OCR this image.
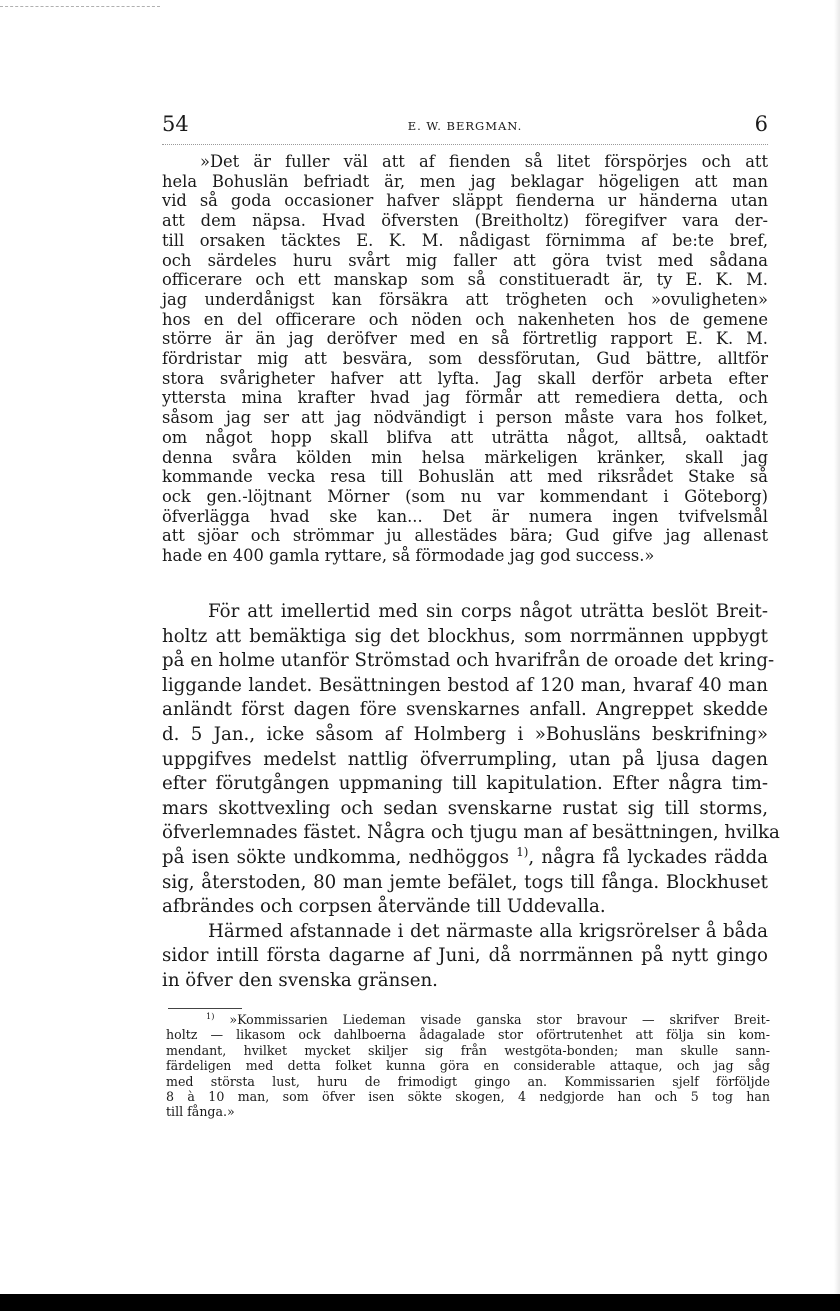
54	E. W. BERGMAN.	6
»Det är fuller väl att af fienden så litet förspörjes och att
hela Bohuslän befriadt är, men jag beklagar högeligen att man
vid så goda occasioner hafver släppt fienderna ur händerna utan
att dem näpsa. Hvad öfversten (Breitholtz) föregifver vara der-
till orsaken täcktes E. K. M. nådigast förnimma af be:te bref,
och särdeles huru svårt mig faller att göra tvist med sådana
officerare och ett manskap som så constitueradt är, ty E. K. M.
jag underdånigst kan försäkra att trögheten och »ovuligheten»
hos en del officerare och nöden och nakenheten hos de gemene
större är än jag deröfver med en så förtretlig rapport E. K. M.
fördristar mig att besvära, som dessförutan, Gud bättre, alltför
stora svårigheter hafver att lyfta. Jag skall derför arbeta efter
yttersta mina krafter hvad jag förmår att remediera detta, och
såsom jag ser att jag nödvändigt i person måste vara hos folket,
om något hopp skall blifva att uträtta något, alltså, oaktadt
denna svåra kölden min helsa märkeligen kränker, skall jag
kommande vecka resa till Bohuslän att med riksrådet Stake så
ock gen.-löjtnant Mörner (som nu var kommendant i Göteborg)
öfverlägga hvad ske kan... Det är numera ingen tvifvelsmål
att sjöar och strömmar ju allestädes bära; Gud gifve jag allenast
hade en 400 gamla ryttare, så förmodade jag god success.»
För att imellertid med sin corps något uträtta beslöt Breit-
holtz att bemäktiga sig det blockhus, som norrmännen uppbygt
på en holme utanför Strömstad och hvarifrån de oroade det kring-
liggande landet. Besättningen bestod af 120 man, hvaraf 40 man
anländt först dagen före svenskarnes anfall. Angreppet skedde
d. 5 Jan., icke såsom af Holmberg i »Bohusläns beskrifning»
uppgifves medelst nattlig öfverrumpling, utan på ljusa dagen
efter förutgången uppmaning till kapitulation. Efter några tim-
mars skottvexling och sedan svenskarne rustat sig till storms,
öfverlemnades fästet. Några och tjugu man af besättningen, hvilka
på isen sökte undkomma, nedhöggos $^{1)}$, några få lyckades rädda
sig, återstoden, 80 man jemte befälet, togs till fånga. Blockhuset
afbrändes och corpsen återvände till Uddevalla.
Härmed afstannade i det närmaste alla krigsrörelser å båda
sidor intill första dagarne af Juni, då norrmännen på nytt gingo
in öfver den svenska gränsen.
$^{1)}$ »Kommissarien Liedeman visade ganska stor bravour — skrifver Breit-
holtz — likasom ock dahlboerna ådagalade stor oförtrutenhet att följa sin kom-
mendant, hvilket mycket skiljer sig från westgöta-bonden; man skulle sann-
färdeligen med detta folket kunna göra en considerable attaque, och jag såg
med största lust, huru de frimodigt gingo an. Kommissarien sjelf förföljde
8 à 10 man, som öfver isen sökte skogen, 4 nedgjorde han och 5 tog han
till fånga.»
